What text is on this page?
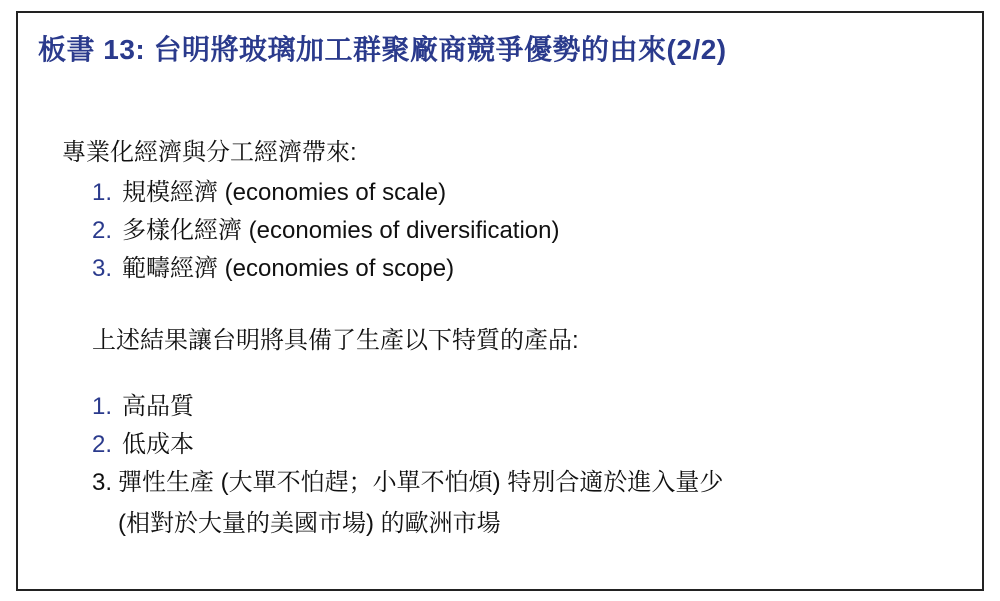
板書 13: 台明將玻璃加工群聚廠商競爭優勢的由來(2/2)
專業化經濟與分工經濟帶來:
1. 規模經濟 (economies of scale)
2. 多樣化經濟 (economies of diversification)
3. 範疇經濟 (economies of scope)
上述結果讓台明將具備了生產以下特質的產品:
1. 高品質
2. 低成本
3. 彈性生產 (大單不怕趕；小單不怕煩) 特別合適於進入量少
(相對於大量的美國市場) 的歐洲市場
